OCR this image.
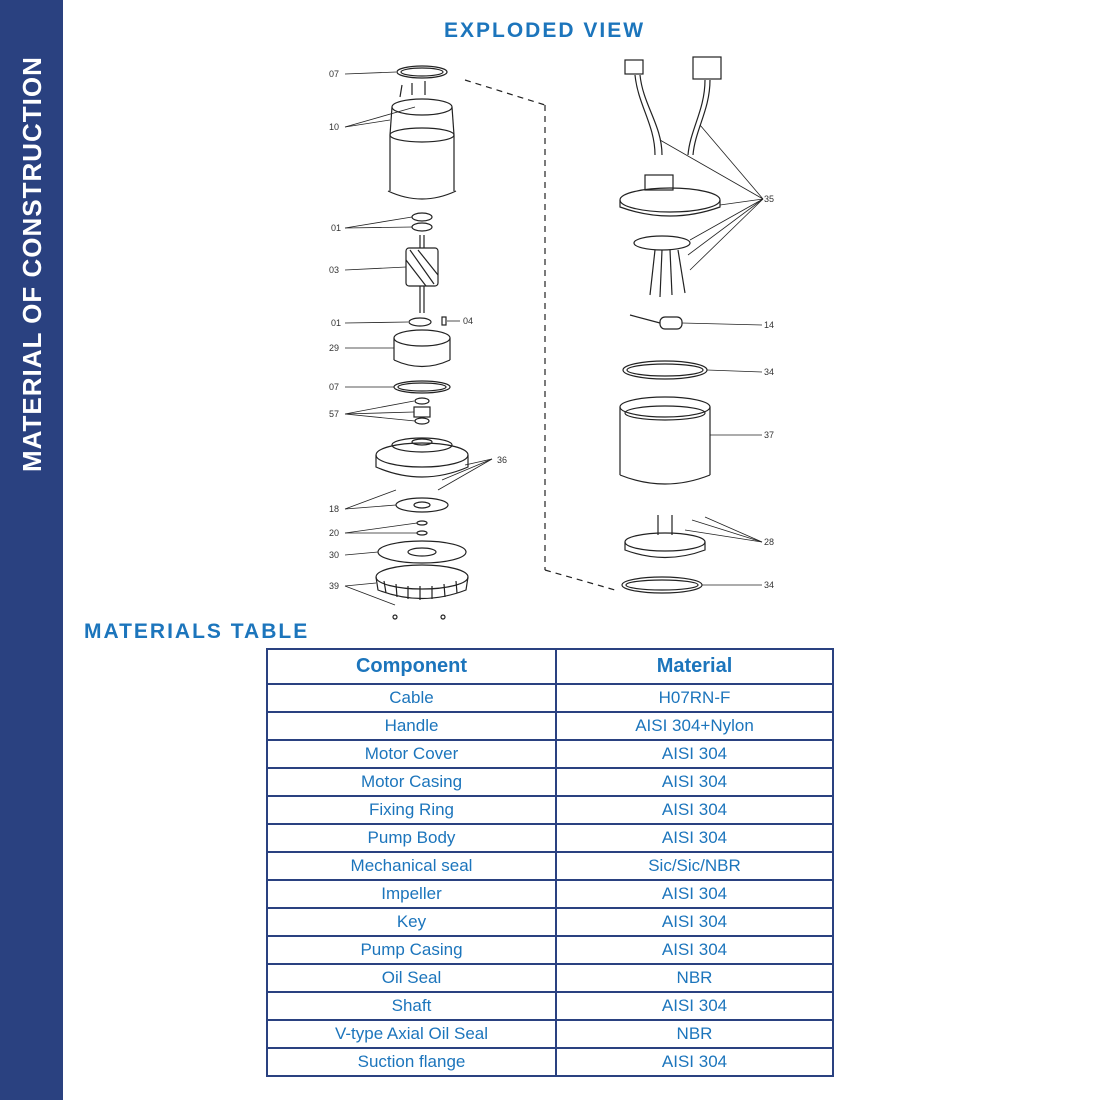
MATERIAL OF CONSTRUCTION
EXPLODED VIEW
07
10
01
03
01	04
29
07
57
36
18
20
30
39
35
14
34
37
28
34
MATERIALS TABLE
Component	Material
Cable	H07RN-F
Handle	AISI 304+Nylon
Motor Cover	AISI 304
Motor Casing	AISI 304
Fixing Ring	AISI 304
Pump Body	AISI 304
Mechanical seal	Sic/Sic/NBR
Impeller	AISI 304
Key	AISI 304
Pump Casing	AISI 304
Oil Seal	NBR
Shaft	AISI 304
V-type Axial Oil Seal	NBR
Suction flange	AISI 304
